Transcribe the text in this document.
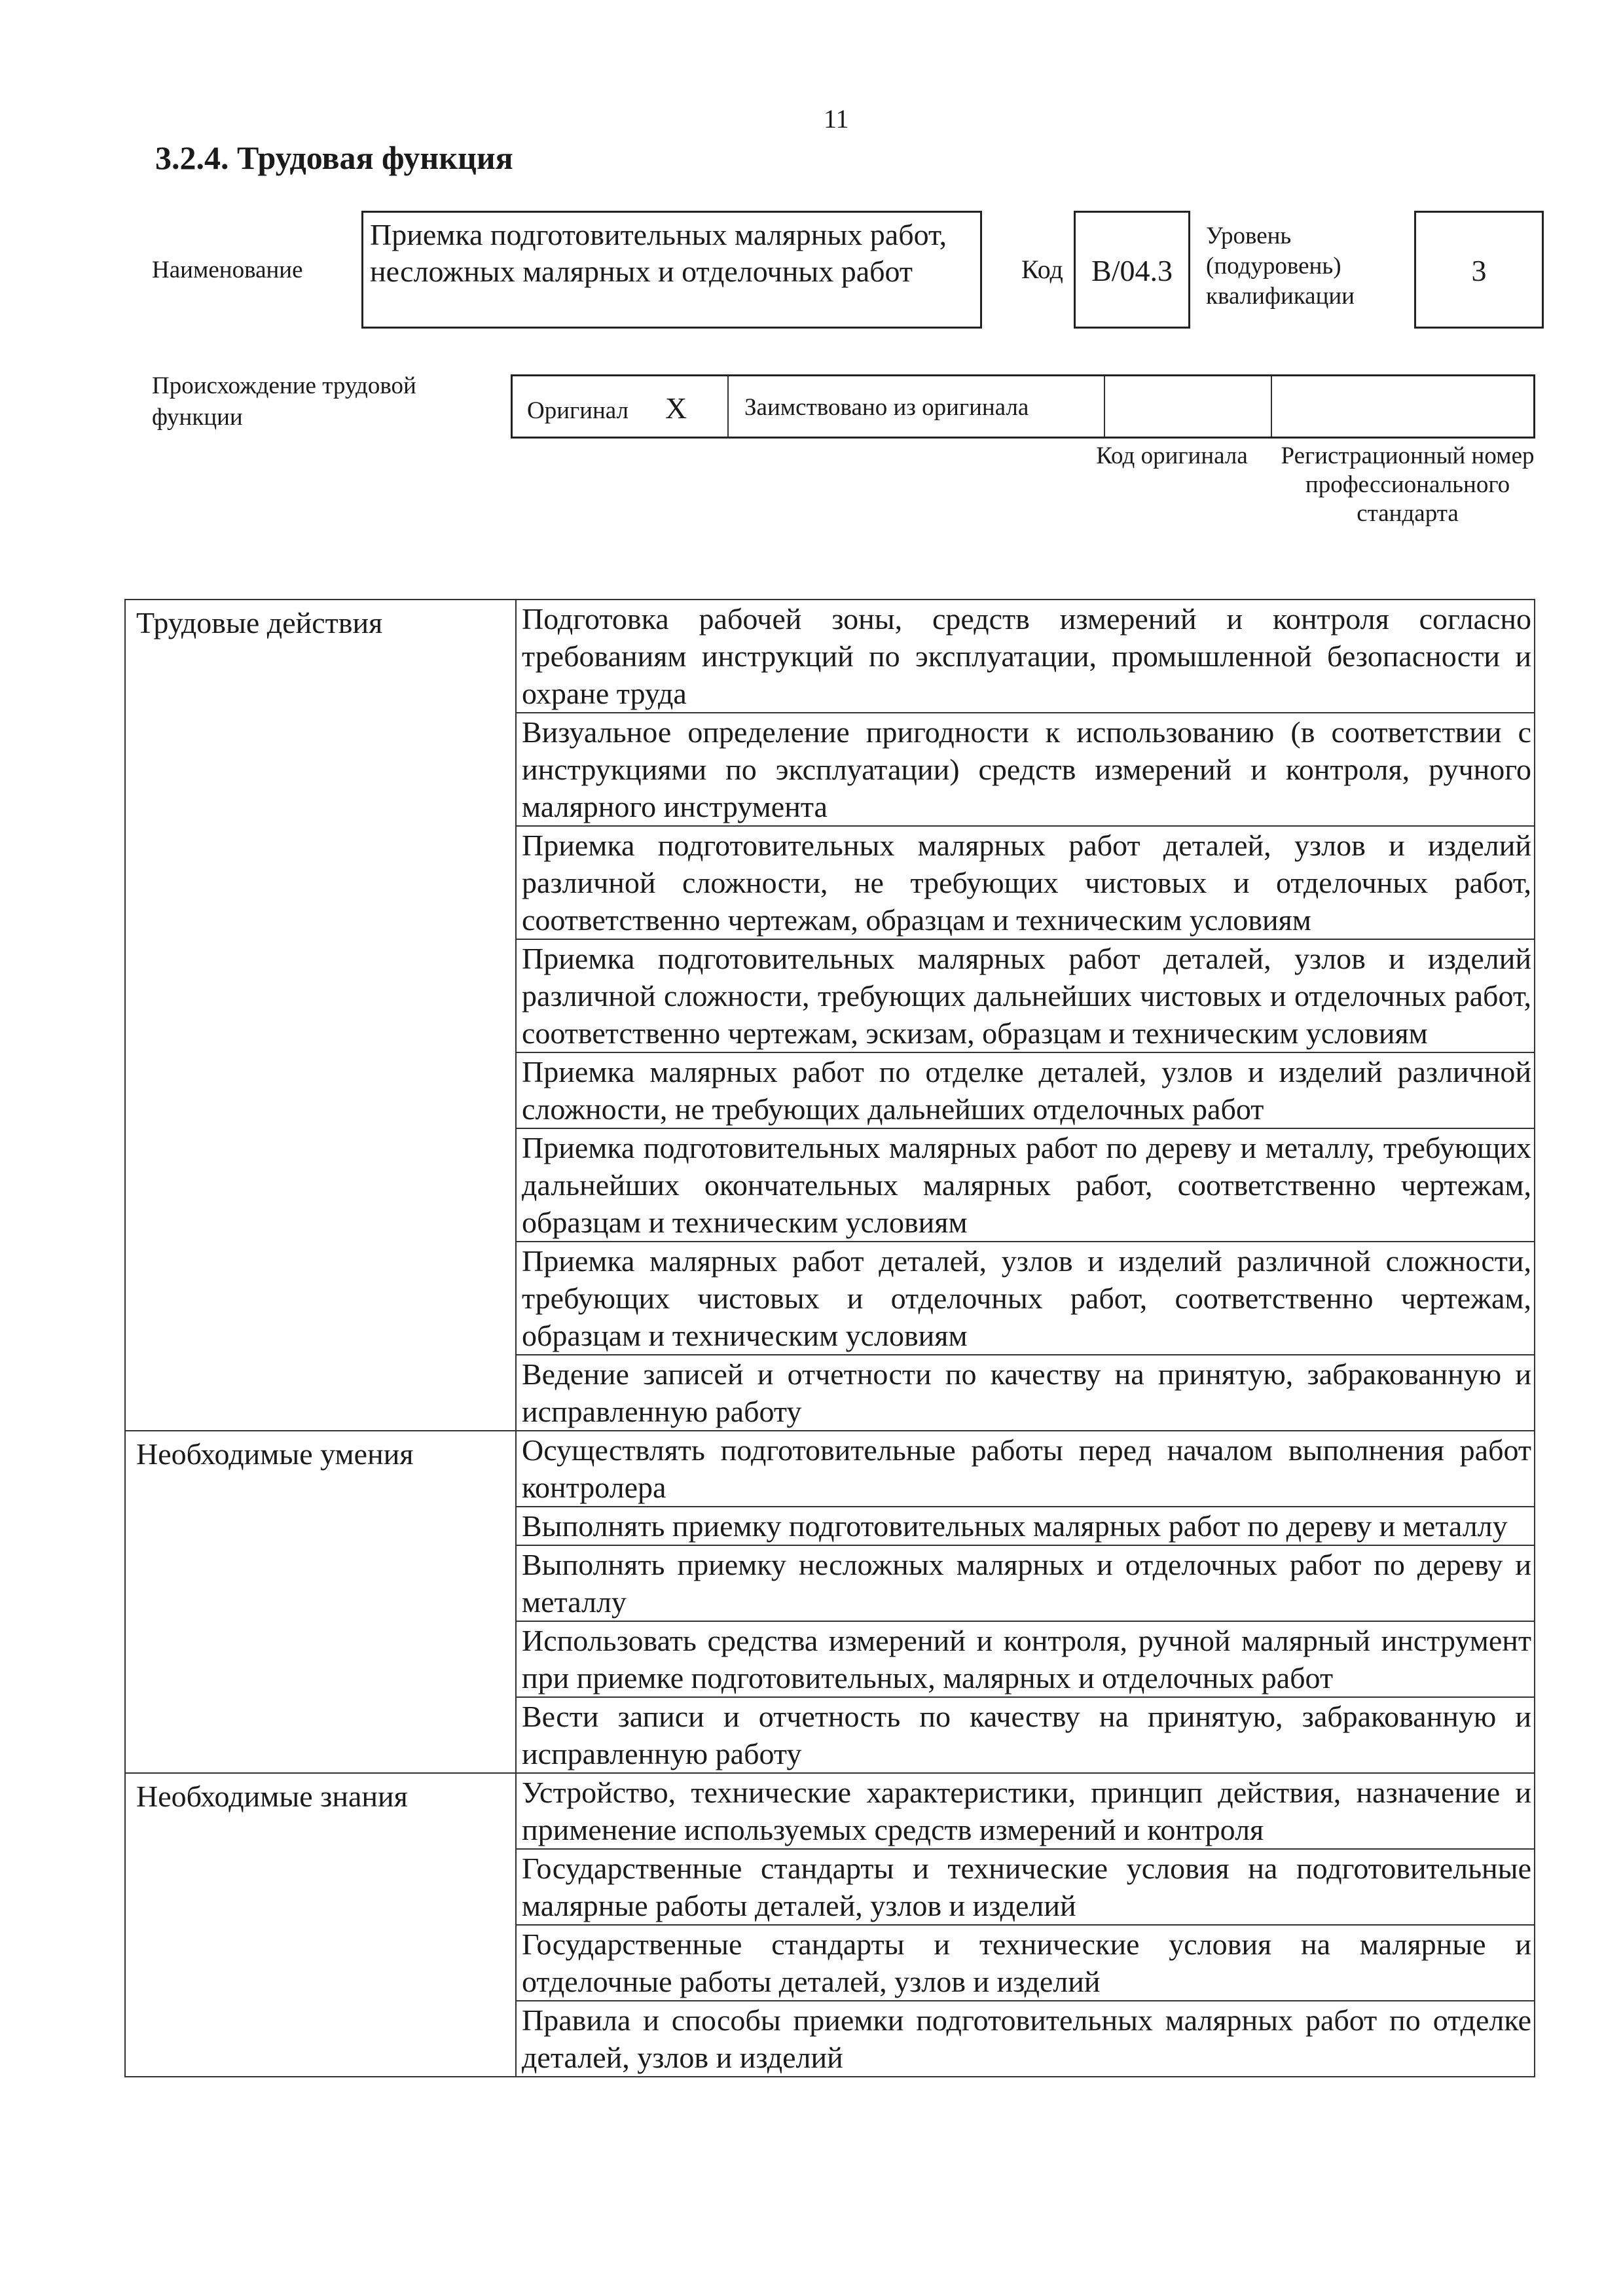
11
3.2.4. Трудовая функция
Наименование
Приемка подготовительных малярных работ, несложных малярных и отделочных работ	Код B/04.3
Уровень (подуровень) квалификации
3
Происхождение трудовой функции	Оригинал X	Заимствовано из оригинала
Код оригинала Регистрационный номер профессионального стандарта
Трудовые действия	Подготовка рабочей зоны, средств измерений и контроля согласно требованиям инструкций по эксплуатации, промышленной безопасности и охране труда
	Визуальное определение пригодности к использованию (в соответствии с инструкциями по эксплуатации) средств измерений и контроля, ручного малярного инструмента
	Приемка подготовительных малярных работ деталей, узлов и изделий различной сложности, не требующих чистовых и отделочных работ, соответственно чертежам, образцам и техническим условиям
	Приемка подготовительных малярных работ деталей, узлов и изделий различной сложности, требующих дальнейших чистовых и отделочных работ, соответственно чертежам, эскизам, образцам и техническим условиям
	Приемка малярных работ по отделке деталей, узлов и изделий различной сложности, не требующих дальнейших отделочных работ
	Приемка подготовительных малярных работ по дереву и металлу, требующих дальнейших окончательных малярных работ, соответственно чертежам, образцам и техническим условиям
	Приемка малярных работ деталей, узлов и изделий различной сложности, требующих чистовых и отделочных работ, соответственно чертежам, образцам и техническим условиям
	Ведение записей и отчетности по качеству на принятую, забракованную и исправленную работу
Необходимые умения	Осуществлять подготовительные работы перед началом выполнения работ контролера
	Выполнять приемку подготовительных малярных работ по дереву и металлу
	Выполнять приемку несложных малярных и отделочных работ по дереву и металлу
	Использовать средства измерений и контроля, ручной малярный инструмент при приемке подготовительных, малярных и отделочных работ
	Вести записи и отчетность по качеству на принятую, забракованную и исправленную работу
Необходимые знания	Устройство, технические характеристики, принцип действия, назначение и применение используемых средств измерений и контроля
	Государственные стандарты и технические условия на подготовительные малярные работы деталей, узлов и изделий
	Государственные стандарты и технические условия на малярные и отделочные работы деталей, узлов и изделий
	Правила и способы приемки подготовительных малярных работ по отделке деталей, узлов и изделий
